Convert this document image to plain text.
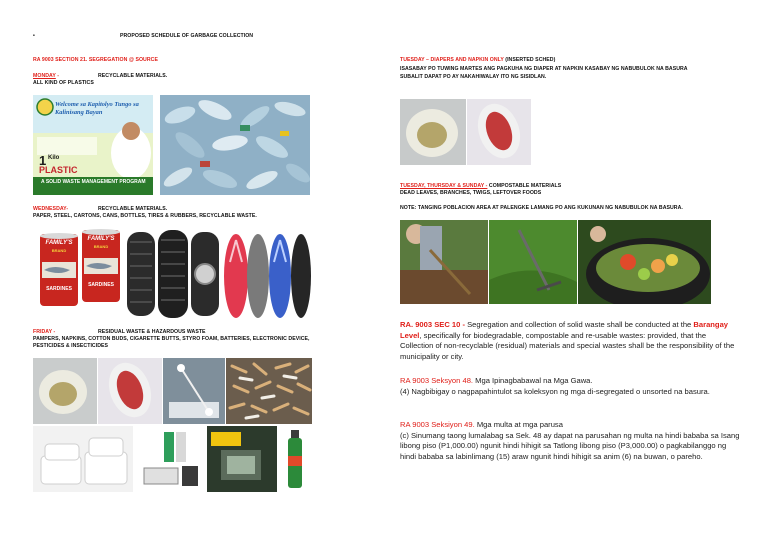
•	PROPOSED SCHEDULE OF GARBAGE COLLECTION
RA 9003 SECTION 21. SEGREGATION @ SOURCE
MONDAY -	RECYCLABLE MATERIALS.
ALL KIND OF PLASTICS
Welcome sa Kapitolyo Tungo sa Kalinisang Bayan
1 Kilo
PLASTIC
A SOLID WASTE MANAGEMENT PROGRAM
WEDNESDAY-	RECYCLABLE MATERIALS.
PAPER, STEEL, CARTONS, CANS, BOTTLES, TIRES & RUBBERS, RECYCLABLE WASTE.
FAMILY'S
FAMILY'S
BRAND
BRAND
SARDINES
SARDINES
FRIDAY -	RESIDUAL WASTE & HAZARDOUS WASTE
PAMPERS, NAPKINS, COTTON BUDS, CIGARETTE BUTTS, STYRO FOAM, BATTERIES, ELECTRONIC DEVICE,
PESTICIDES & INSECTICIDES
TUESDAY – DIAPERS AND NAPKIN ONLY (INSERTED SCHED)
ISASABAY PO TUWING MARTES ANG PAGKUHA NG DIAPER AT NAPKIN KASABAY NG NABUBULOK NA BASURA
SUBALIT DAPAT PO AY NAKAHIWALAY ITO NG SISIDLAN.
TUESDAY, THURSDAY & SUNDAY - COMPOSTABLE MATERIALS
DEAD LEAVES, BRANCHES, TWIGS, LEFTOVER FOODS
NOTE: TANGING POBLACION AREA AT PALENGKE LAMANG PO ANG KUKUNAN NG NABUBULOK NA BASURA.
RA. 9003 SEC 10 - Segregation and collection of solid waste shall be conducted at the Barangay Level, specifically for biodegradable, compostable and re-usable wastes: provided, that the Collection of non-recyclable (residual) materials and special wastes shall be the responsibility of the municipality or city.
RA 9003 Seksyon 48. Mga Ipinagbabawal na Mga Gawa.
(4) Nagbibigay o nagpapahintulot sa koleksyon ng mga di-segregated o unsorted na basura.
RA 9003 Seksiyon 49. Mga multa at mga parusa
(c) Sinumang taong lumalabag sa Sek. 48 ay dapat na parusahan ng multa na hindi bababa sa Isang libong piso (P1,000.00) ngunit hindi hihigit sa Tatlong libong piso (P3,000.00) o pagkabilanggo ng hindi bababa sa labinlimang (15) araw ngunit hindi hihigit sa anim (6) na buwan, o pareho.
